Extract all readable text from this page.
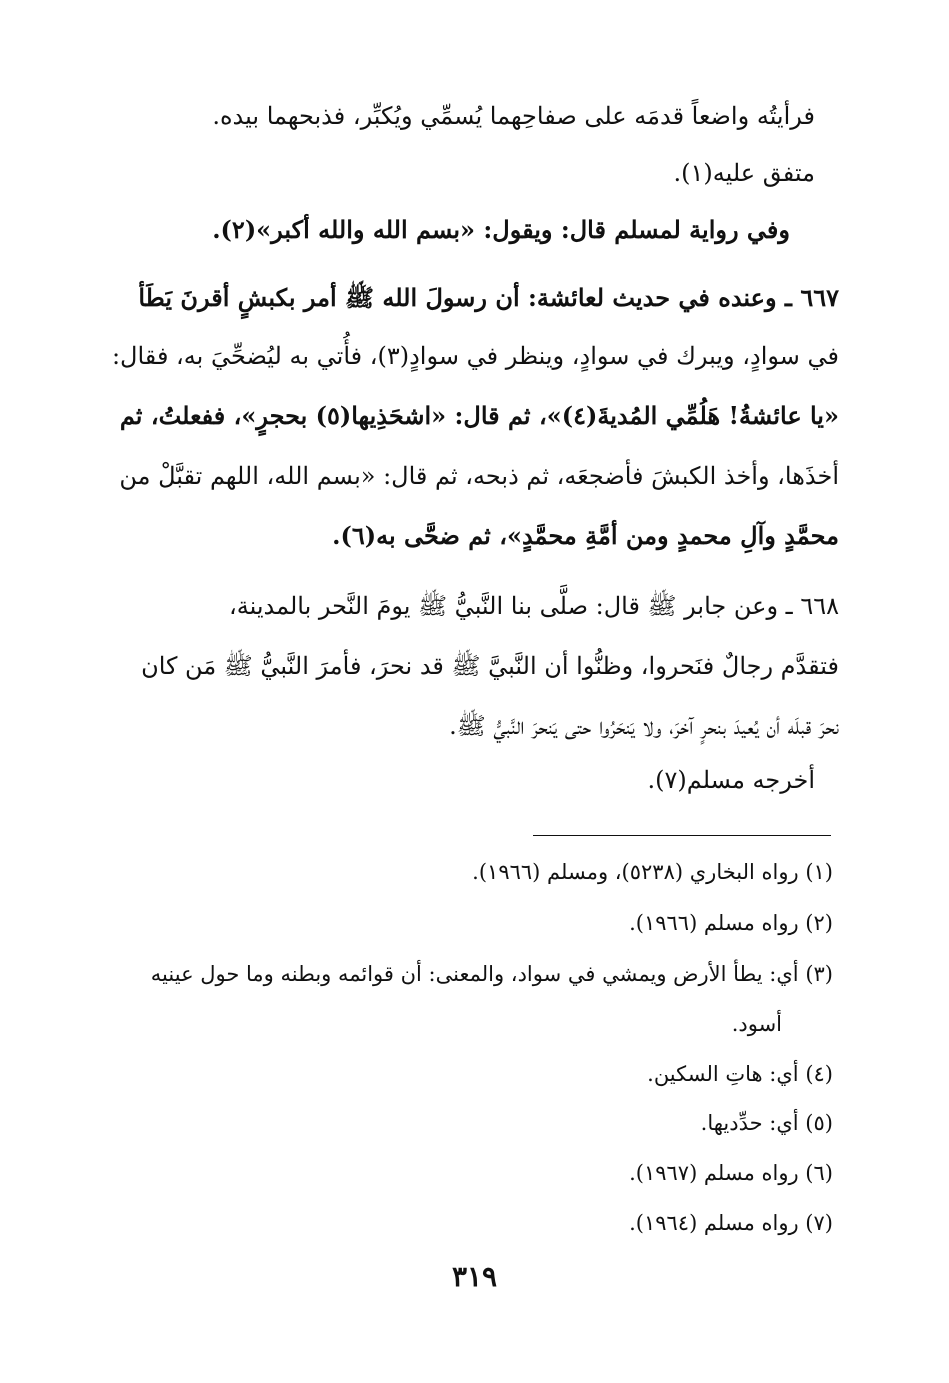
فرأيتُه واضعاً قدمَه على صفاحِهما يُسمِّي ويُكبِّر، فذبحهما بيده.
متفق عليه(١).
وفي رواية لمسلم قال: ويقول: «بسم الله والله أكبر»(٢).
٦٦٧ ـ وعنده في حديث لعائشة: أن رسولَ الله ﷺ أمر بكبشٍ أقرنَ يَطَأ
في سوادٍ، ويبرك في سوادٍ، وينظر في سوادٍ(٣)، فأُتي به ليُضحِّيَ به، فقال:
«يا عائشةُ! هَلُمِّي المُديةَ(٤)»، ثم قال: «اشحَذِيها(٥) بحجرٍ»، ففعلتُ، ثم
أخذَها، وأخذ الكبشَ فأضجعَه، ثم ذبحه، ثم قال: «بسم الله، اللهم تقبَّلْ من
محمَّدٍ وآلِ محمدٍ ومن أمَّةِ محمَّدٍ»، ثم ضحَّى به(٦).
٦٦٨ ـ وعن جابر ﷺ قال: صلَّى بنا النَّبيُّ ﷺ يومَ النَّحر بالمدينة،
فتقدَّم رجالٌ فنَحروا، وظنُّوا أن النَّبيَّ ﷺ قد نحرَ، فأمرَ النَّبيُّ ﷺ مَن كان
نحرَ قبلَه أن يُعيدَ بنحرٍ آخرَ، ولا يَنحَرُوا حتى يَنحرَ النَّبيُّ ﷺ.
أخرجه مسلم(٧).
(١) رواه البخاري (٥٢٣٨)، ومسلم (١٩٦٦).
(٢) رواه مسلم (١٩٦٦).
(٣) أي: يطأ الأرض ويمشي في سواد، والمعنى: أن قوائمه وبطنه وما حول عينيه
أسود.
(٤) أي: هاتِ السكين.
(٥) أي: حدِّديها.
(٦) رواه مسلم (١٩٦٧).
(٧) رواه مسلم (١٩٦٤).
٣١٩
